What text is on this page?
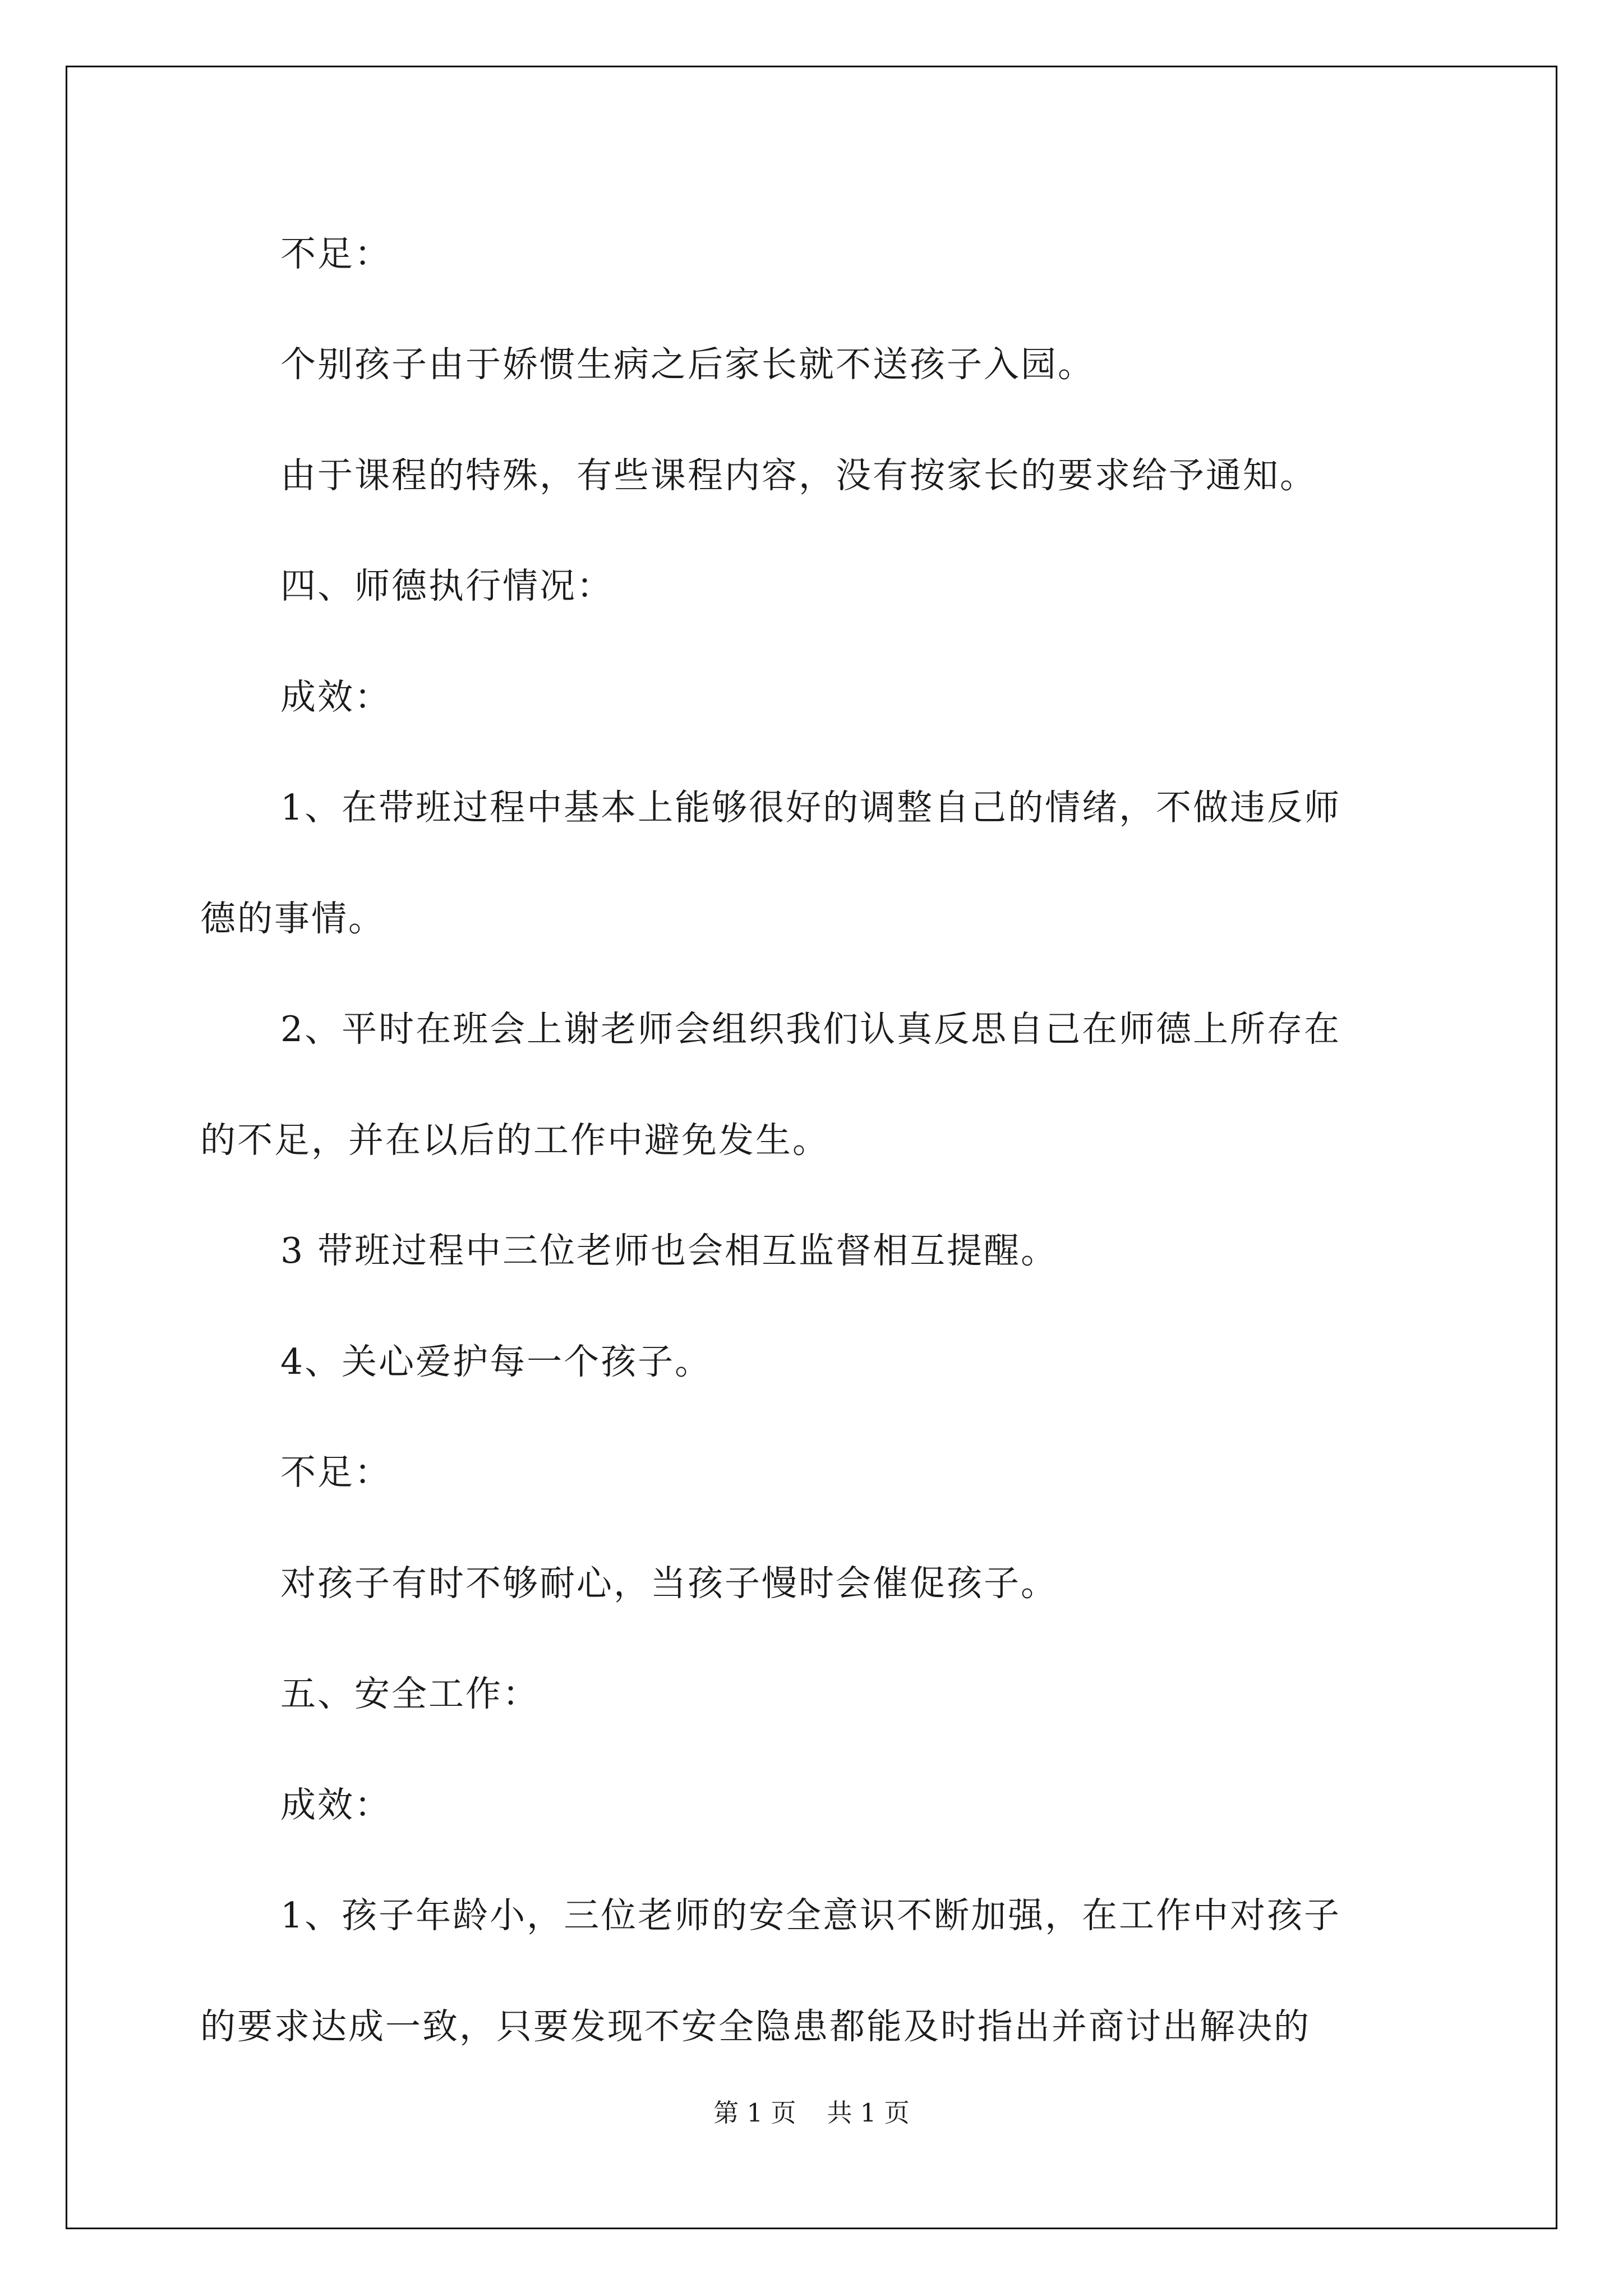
不足：
个别孩子由于娇惯生病之后家长就不送孩子入园。
由于课程的特殊，有些课程内容，没有按家长的要求给予通知。
四、师德执行情况：
成效：
1、在带班过程中基本上能够很好的调整自己的情绪，不做违反师
德的事情。
2、平时在班会上谢老师会组织我们认真反思自己在师德上所存在
的不足，并在以后的工作中避免发生。
3 带班过程中三位老师也会相互监督相互提醒。
4、关心爱护每一个孩子。
不足：
对孩子有时不够耐心，当孩子慢时会催促孩子。
五、安全工作：
成效：
1、孩子年龄小，三位老师的安全意识不断加强，在工作中对孩子
的要求达成一致，只要发现不安全隐患都能及时指出并商讨出解决的
第 1 页 共 1 页
